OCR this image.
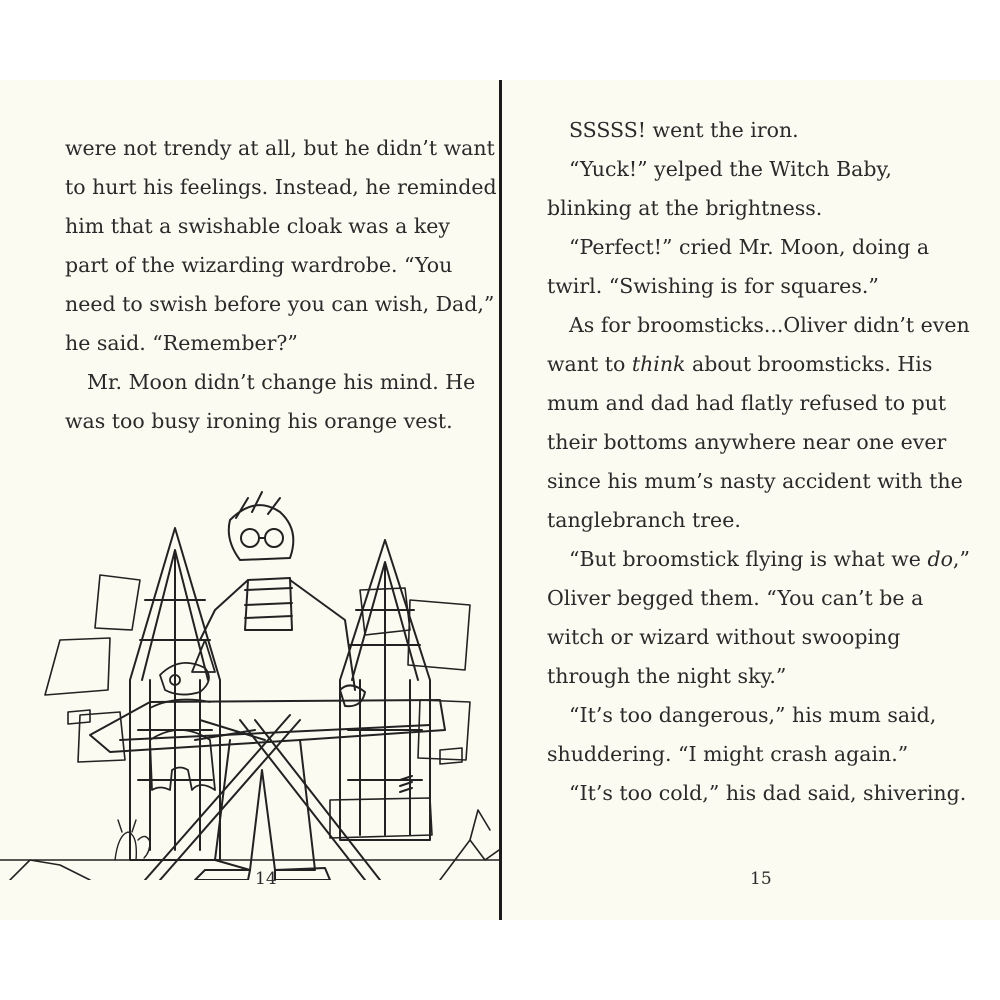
were not trendy at all, but he didn’t want
to hurt his feelings. Instead, he reminded
him that a swishable cloak was a key
part of the wizarding wardrobe. “You
need to swish before you can wish, Dad,”
he said. “Remember?”
Mr. Moon didn’t change his mind. He
was too busy ironing his orange vest.
14
SSSSS! went the iron.
“Yuck!” yelped the Witch Baby,
blinking at the brightness.
“Perfect!” cried Mr. Moon, doing a
twirl. “Swishing is for squares.”
As for broomsticks...Oliver didn’t even
want to think about broomsticks. His
mum and dad had flatly refused to put
their bottoms anywhere near one ever
since his mum’s nasty accident with the
tanglebranch tree.
“But broomstick flying is what we do,”
Oliver begged them. “You can’t be a
witch or wizard without swooping
through the night sky.”
“It’s too dangerous,” his mum said,
shuddering. “I might crash again.”
“It’s too cold,” his dad said, shivering.
15
